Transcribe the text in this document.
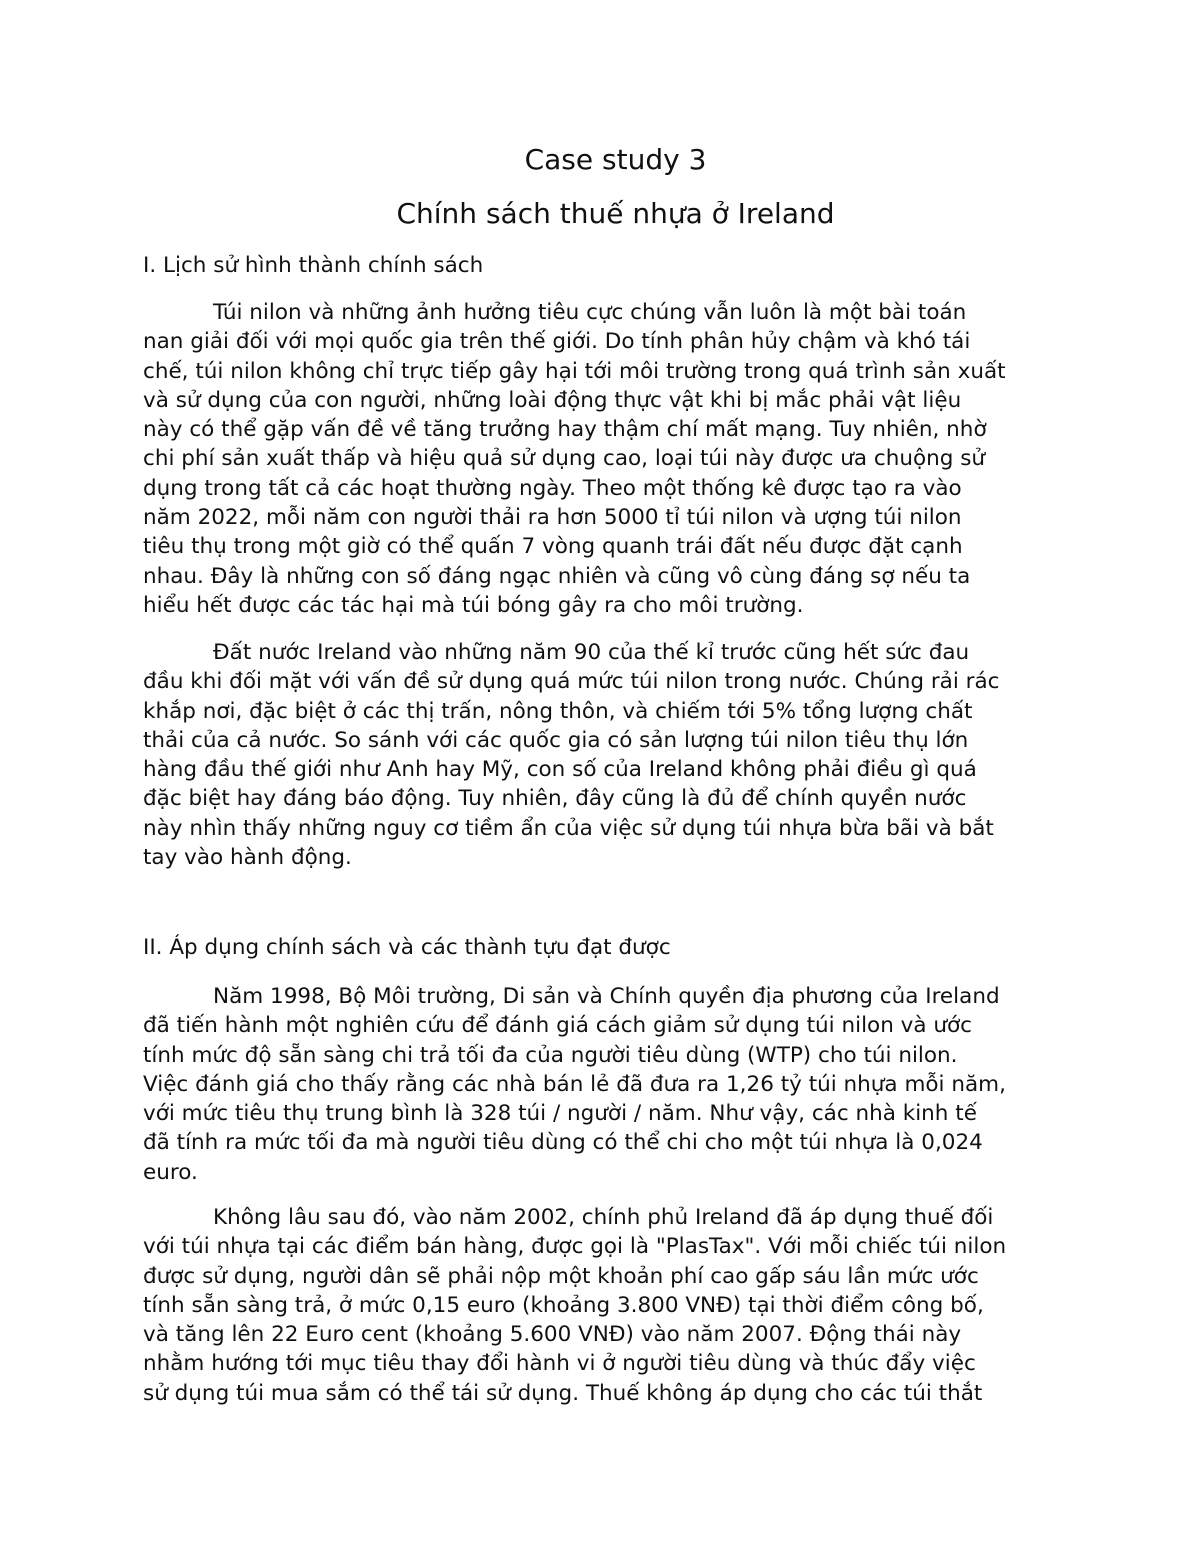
Case study 3
Chính sách thuế nhựa ở Ireland
I. Lịch sử hình thành chính sách
Túi nilon và những ảnh hưởng tiêu cực chúng vẫn luôn là một bài toán
nan giải đối với mọi quốc gia trên thế giới. Do tính phân hủy chậm và khó tái
chế, túi nilon không chỉ trực tiếp gây hại tới môi trường trong quá trình sản xuất
và sử dụng của con người, những loài động thực vật khi bị mắc phải vật liệu
này có thể gặp vấn đề về tăng trưởng hay thậm chí mất mạng. Tuy nhiên, nhờ
chi phí sản xuất thấp và hiệu quả sử dụng cao, loại túi này được ưa chuộng sử
dụng trong tất cả các hoạt thường ngày. Theo một thống kê được tạo ra vào
năm 2022, mỗi năm con người thải ra hơn 5000 tỉ túi nilon và ượng túi nilon
tiêu thụ trong một giờ có thể quấn 7 vòng quanh trái đất nếu được đặt cạnh
nhau. Đây là những con số đáng ngạc nhiên và cũng vô cùng đáng sợ nếu ta
hiểu hết được các tác hại mà túi bóng gây ra cho môi trường.
Đất nước Ireland vào những năm 90 của thế kỉ trước cũng hết sức đau
đầu khi đối mặt với vấn đề sử dụng quá mức túi nilon trong nước. Chúng rải rác
khắp nơi, đặc biệt ở các thị trấn, nông thôn, và chiếm tới 5% tổng lượng chất
thải của cả nước. So sánh với các quốc gia có sản lượng túi nilon tiêu thụ lớn
hàng đầu thế giới như Anh hay Mỹ, con số của Ireland không phải điều gì quá
đặc biệt hay đáng báo động. Tuy nhiên, đây cũng là đủ để chính quyền nước
này nhìn thấy những nguy cơ tiềm ẩn của việc sử dụng túi nhựa bừa bãi và bắt
tay vào hành động.
II. Áp dụng chính sách và các thành tựu đạt được
Năm 1998, Bộ Môi trường, Di sản và Chính quyền địa phương của Ireland
đã tiến hành một nghiên cứu để đánh giá cách giảm sử dụng túi nilon và ước
tính mức độ sẵn sàng chi trả tối đa của người tiêu dùng (WTP) cho túi nilon.
Việc đánh giá cho thấy rằng các nhà bán lẻ đã đưa ra 1,26 tỷ túi nhựa mỗi năm,
với mức tiêu thụ trung bình là 328 túi / người / năm. Như vậy, các nhà kinh tế
đã tính ra mức tối đa mà người tiêu dùng có thể chi cho một túi nhựa là 0,024
euro.
Không lâu sau đó, vào năm 2002, chính phủ Ireland đã áp dụng thuế đối
với túi nhựa tại các điểm bán hàng, được gọi là "PlasTax". Với mỗi chiếc túi nilon
được sử dụng, người dân sẽ phải nộp một khoản phí cao gấp sáu lần mức ước
tính sẵn sàng trả, ở mức 0,15 euro (khoảng 3.800 VNĐ) tại thời điểm công bố,
và tăng lên 22 Euro cent (khoảng 5.600 VNĐ) vào năm 2007. Động thái này
nhằm hướng tới mục tiêu thay đổi hành vi ở người tiêu dùng và thúc đẩy việc
sử dụng túi mua sắm có thể tái sử dụng. Thuế không áp dụng cho các túi thắt
